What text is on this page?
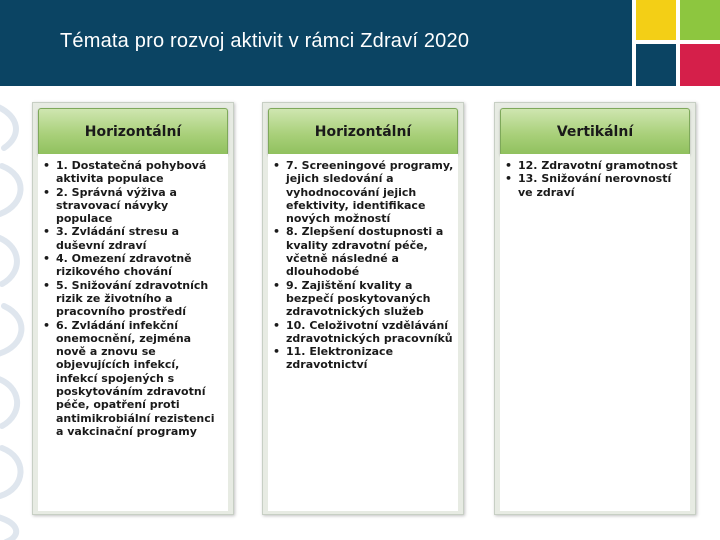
Témata pro rozvoj aktivit v rámci Zdraví 2020
Horizontální
• 1. Dostatečná pohybová aktivita populace
• 2. Správná výživa a stravovací návyky populace
• 3. Zvládání stresu a duševní zdraví
• 4. Omezení zdravotně rizikového chování
• 5. Snižování zdravotních rizik ze životního a pracovního prostředí
• 6. Zvládání infekční onemocnění, zejména nově a znovu se objevujících infekcí, infekcí spojených s poskytováním zdravotní péče, opatření proti antimikrobiální rezistenci a vakcinační programy
Horizontální
• 7. Screeningové programy, jejich sledování a vyhodnocování jejich efektivity, identifikace nových možností
• 8. Zlepšení dostupnosti a kvality zdravotní péče, včetně následné a dlouhodobé
• 9. Zajištění kvality a bezpečí poskytovaných zdravotnických služeb
• 10. Celoživotní vzdělávání zdravotnických pracovníků
• 11. Elektronizace zdravotnictví
Vertikální
• 12. Zdravotní gramotnost
• 13. Snižování nerovností ve zdraví
